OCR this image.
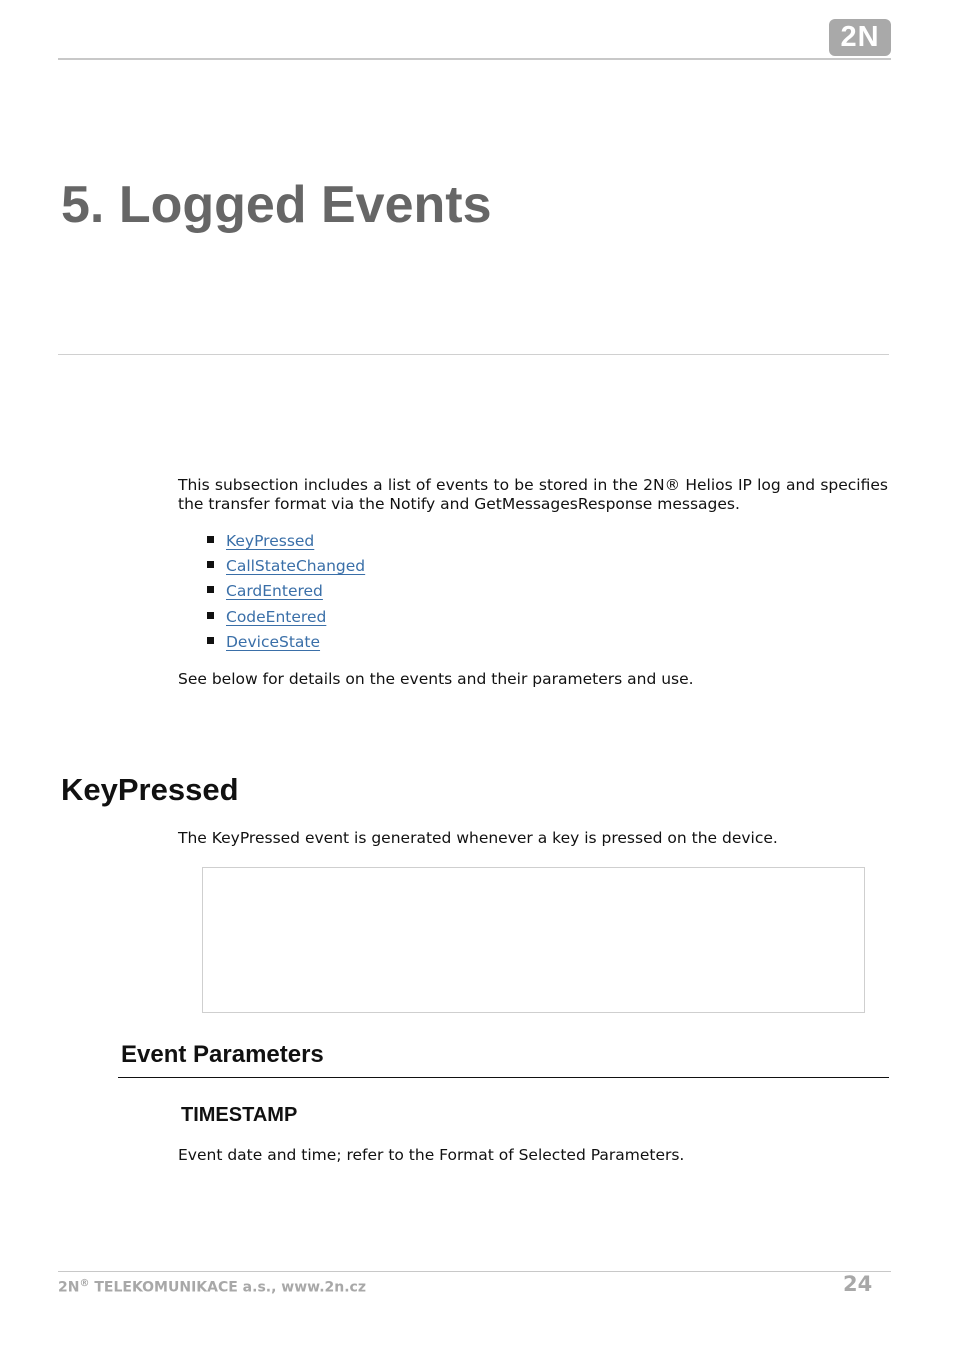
2N
5. Logged Events

This subsection includes a list of events to be stored in the 2N® Helios IP log and specifies the transfer format via the Notify and GetMessagesResponse messages.

KeyPressed
CallStateChanged
CardEntered
CodeEntered
DeviceState

See below for details on the events and their parameters and use.

KeyPressed

The KeyPressed event is generated whenever a key is pressed on the device.

Event Parameters
TIMESTAMP

Event date and time; refer to the Format of Selected Parameters.

2N® TELEKOMUNIKACE a.s., www.2n.cz	24
